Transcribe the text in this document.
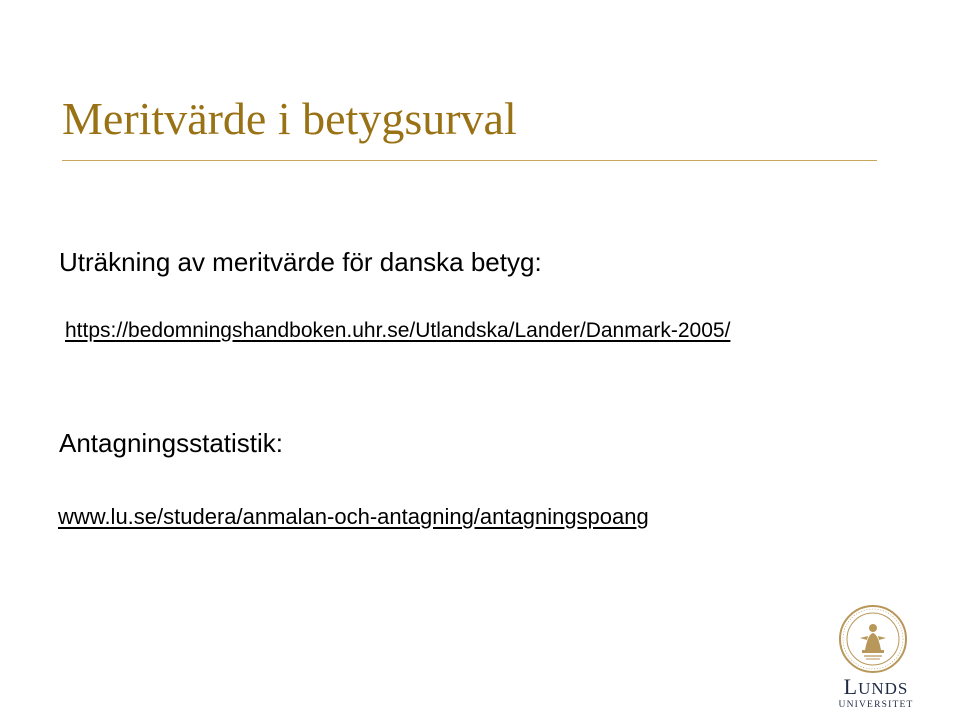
Meritvärde i betygsurval
Uträkning av meritvärde för danska betyg:
https://bedomningshandboken.uhr.se/Utlandska/Lander/Danmark-2005/
Antagningsstatistik:
www.lu.se/studera/anmalan-och-antagning/antagningspoang
LUNDS
UNIVERSITET
